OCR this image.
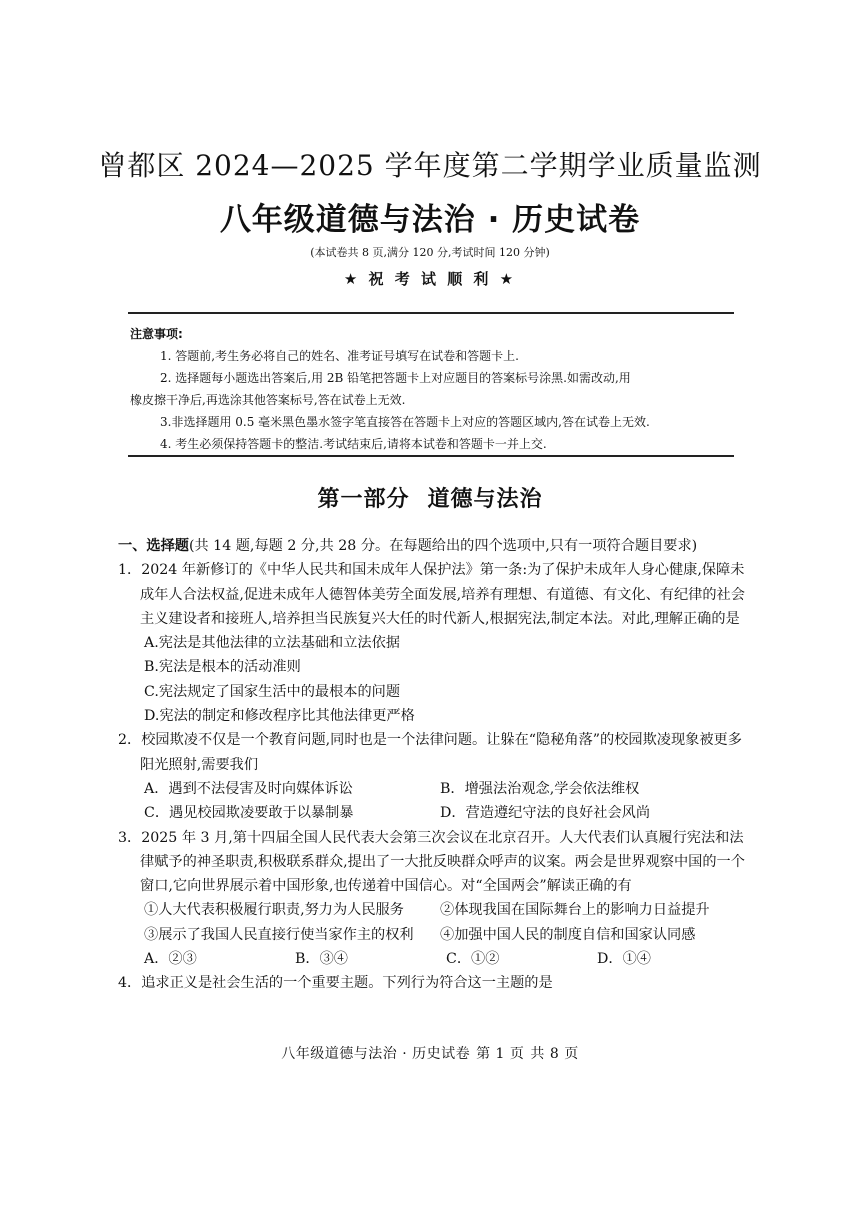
曾都区 2024—2025 学年度第二学期学业质量监测
八年级道德与法治 · 历史试卷
(本试卷共 8 页,满分 120 分,考试时间 120 分钟)
★ 祝 考 试 顺 利 ★
注意事项:
1. 答题前,考生务必将自己的姓名、准考证号填写在试卷和答题卡上.
2. 选择题每小题选出答案后,用 2B 铅笔把答题卡上对应题目的答案标号涂黑.如需改动,用
橡皮擦干净后,再选涂其他答案标号,答在试卷上无效.
3.非选择题用 0.5 毫米黑色墨水签字笔直接答在答题卡上对应的答题区域内,答在试卷上无效.
4. 考生必须保持答题卡的整洁.考试结束后,请将本试卷和答题卡一并上交.
第一部分 道德与法治
一、选择题(共 14 题,每题 2 分,共 28 分。在每题给出的四个选项中,只有一项符合题目要求)
1．2024 年新修订的《中华人民共和国未成年人保护法》第一条:为了保护未成年人身心健康,保障未成年人合法权益,促进未成年人德智体美劳全面发展,培养有理想、有道德、有文化、有纪律的社会主义建设者和接班人,培养担当民族复兴大任的时代新人,根据宪法,制定本法。对此,理解正确的是
A.宪法是其他法律的立法基础和立法依据
B.宪法是根本的活动准则
C.宪法规定了国家生活中的最根本的问题
D.宪法的制定和修改程序比其他法律更严格
2．校园欺凌不仅是一个教育问题,同时也是一个法律问题。让躲在“隐秘角落”的校园欺凌现象被更多阳光照射,需要我们
A．遇到不法侵害及时向媒体诉讼	B．增强法治观念,学会依法维权
C．遇见校园欺凌要敢于以暴制暴	D．营造遵纪守法的良好社会风尚
3．2025 年 3 月,第十四届全国人民代表大会第三次会议在北京召开。人大代表们认真履行宪法和法律赋予的神圣职责,积极联系群众,提出了一大批反映群众呼声的议案。两会是世界观察中国的一个窗口,它向世界展示着中国形象,也传递着中国信心。对“全国两会”解读正确的有
①人大代表积极履行职责,努力为人民服务	②体现我国在国际舞台上的影响力日益提升
③展示了我国人民直接行使当家作主的权利	④加强中国人民的制度自信和国家认同感
A．②③	B．③④	C．①②	D．①④
4．追求正义是社会生活的一个重要主题。下列行为符合这一主题的是
八年级道德与法治 · 历史试卷 第 1 页 共 8 页
